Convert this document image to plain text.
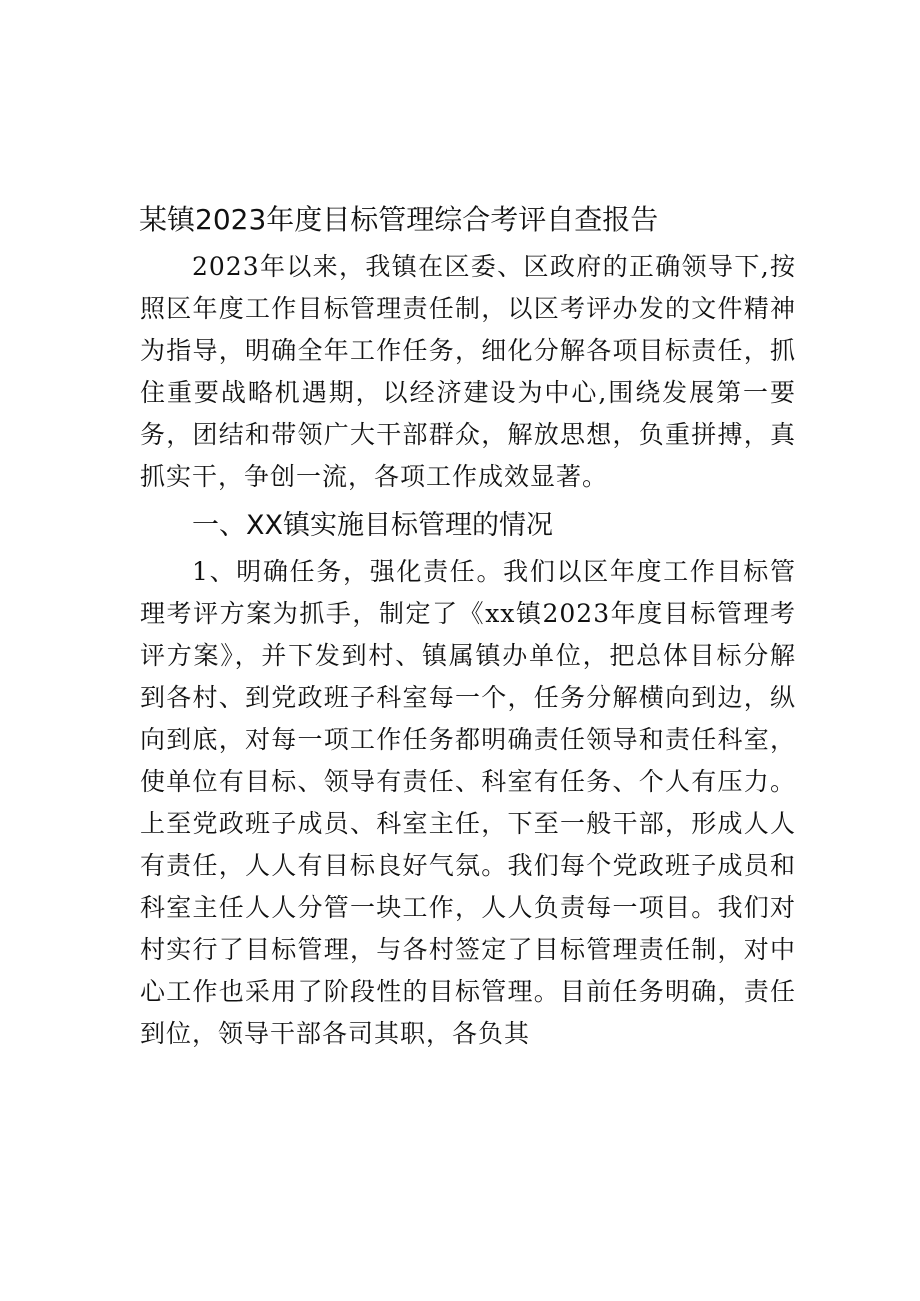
某镇2023年度目标管理综合考评自查报告

2023年以来，我镇在区委、区政府的正确领导下,按照区年度工作目标管理责任制，以区考评办发的文件精神为指导，明确全年工作任务，细化分解各项目标责任，抓住重要战略机遇期，以经济建设为中心,围绕发展第一要务，团结和带领广大干部群众，解放思想，负重拼搏，真抓实干，争创一流，各项工作成效显著。

一、XX镇实施目标管理的情况

1、明确任务，强化责任。我们以区年度工作目标管理考评方案为抓手，制定了《xx镇2023年度目标管理考评方案》，并下发到村、镇属镇办单位，把总体目标分解到各村、到党政班子科室每一个，任务分解横向到边，纵向到底，对每一项工作任务都明确责任领导和责任科室，使单位有目标、领导有责任、科室有任务、个人有压力。上至党政班子成员、科室主任，下至一般干部，形成人人有责任，人人有目标良好气氛。我们每个党政班子成员和科室主任人人分管一块工作，人人负责每一项目。我们对村实行了目标管理，与各村签定了目标管理责任制，对中心工作也采用了阶段性的目标管理。目前任务明确，责任到位，领导干部各司其职，各负其
